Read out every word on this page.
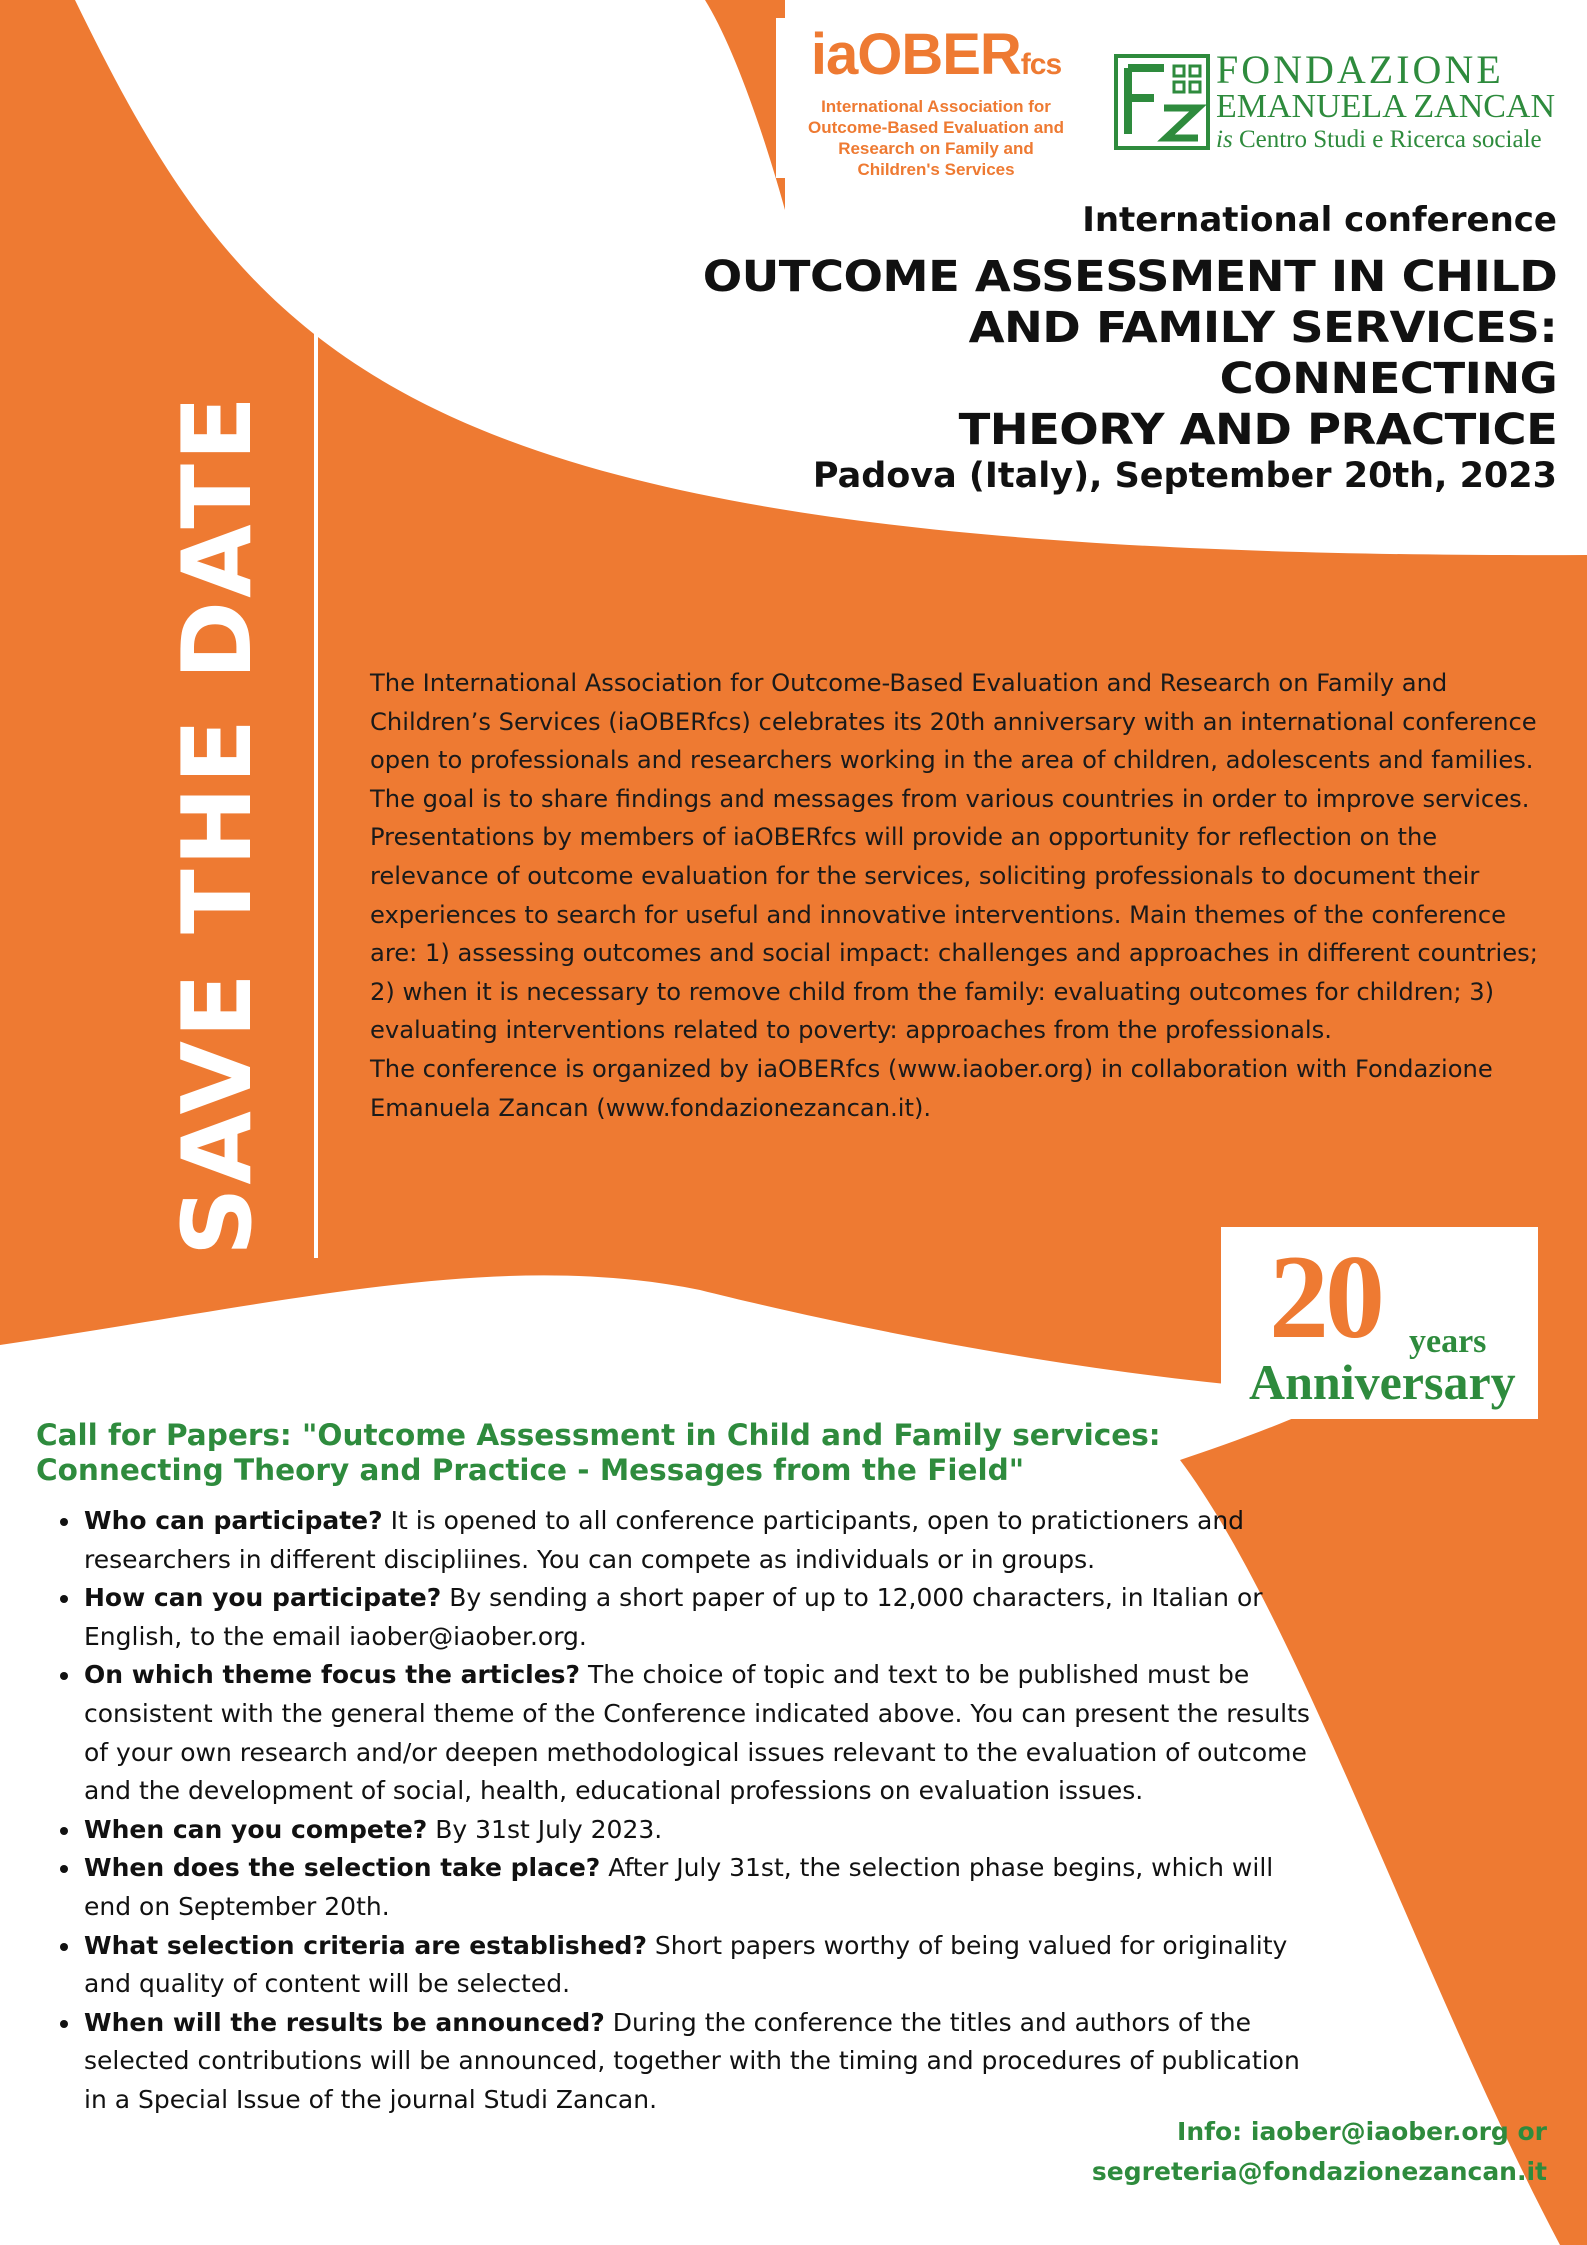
iaOBERfcs
International Association for
Outcome-Based Evaluation and
Research on Family and
Children's Services
FONDAZIONE
EMANUELA ZANCAN
is Centro Studi e Ricerca sociale
International conference
OUTCOME ASSESSMENT IN CHILD
AND FAMILY SERVICES:
CONNECTING
THEORY AND PRACTICE
Padova (Italy), September 20th, 2023
SAVE THE DATE	The International Association for Outcome-Based Evaluation and Research on Family and Children’s Services (iaOBERfcs) celebrates its 20th anniversary with an international conference open to professionals and researchers working in the area of children, adolescents and families. The goal is to share findings and messages from various countries in order to improve services. Presentations by members of iaOBERfcs will provide an opportunity for reflection on the relevance of outcome evaluation for the services, soliciting professionals to document their experiences to search for useful and innovative interventions. Main themes of the conference are: 1) assessing outcomes and social impact: challenges and approaches in different countries; 2) when it is necessary to remove child from the family: evaluating outcomes for children; 3) evaluating interventions related to poverty: approaches from the professionals.

The conference is organized by iaOBERfcs (www.iaober.org) in collaboration with Fondazione Emanuela Zancan (www.fondazionezancan.it).

20 years
Anniversary
Call for Papers: "Outcome Assessment in Child and Family services:
Connecting Theory and Practice - Messages from the Field"
• Who can participate? It is opened to all conference participants, open to pratictioners and researchers in different discipliines. You can compete as individuals or in groups.
• How can you participate? By sending a short paper of up to 12,000 characters, in Italian or English, to the email iaober@iaober.org.
• On which theme focus the articles? The choice of topic and text to be published must be consistent with the general theme of the Conference indicated above. You can present the results of your own research and/or deepen methodological issues relevant to the evaluation of outcome and the development of social, health, educational professions on evaluation issues.
• When can you compete? By 31st July 2023.
• When does the selection take place? After July 31st, the selection phase begins, which will end on September 20th.
• What selection criteria are established? Short papers worthy of being valued for originality and quality of content will be selected.
• When will the results be announced? During the conference the titles and authors of the selected contributions will be announced, together with the timing and procedures of publication in a Special Issue of the journal Studi Zancan.
Info: iaober@iaober.org or
segreteria@fondazionezancan.it
